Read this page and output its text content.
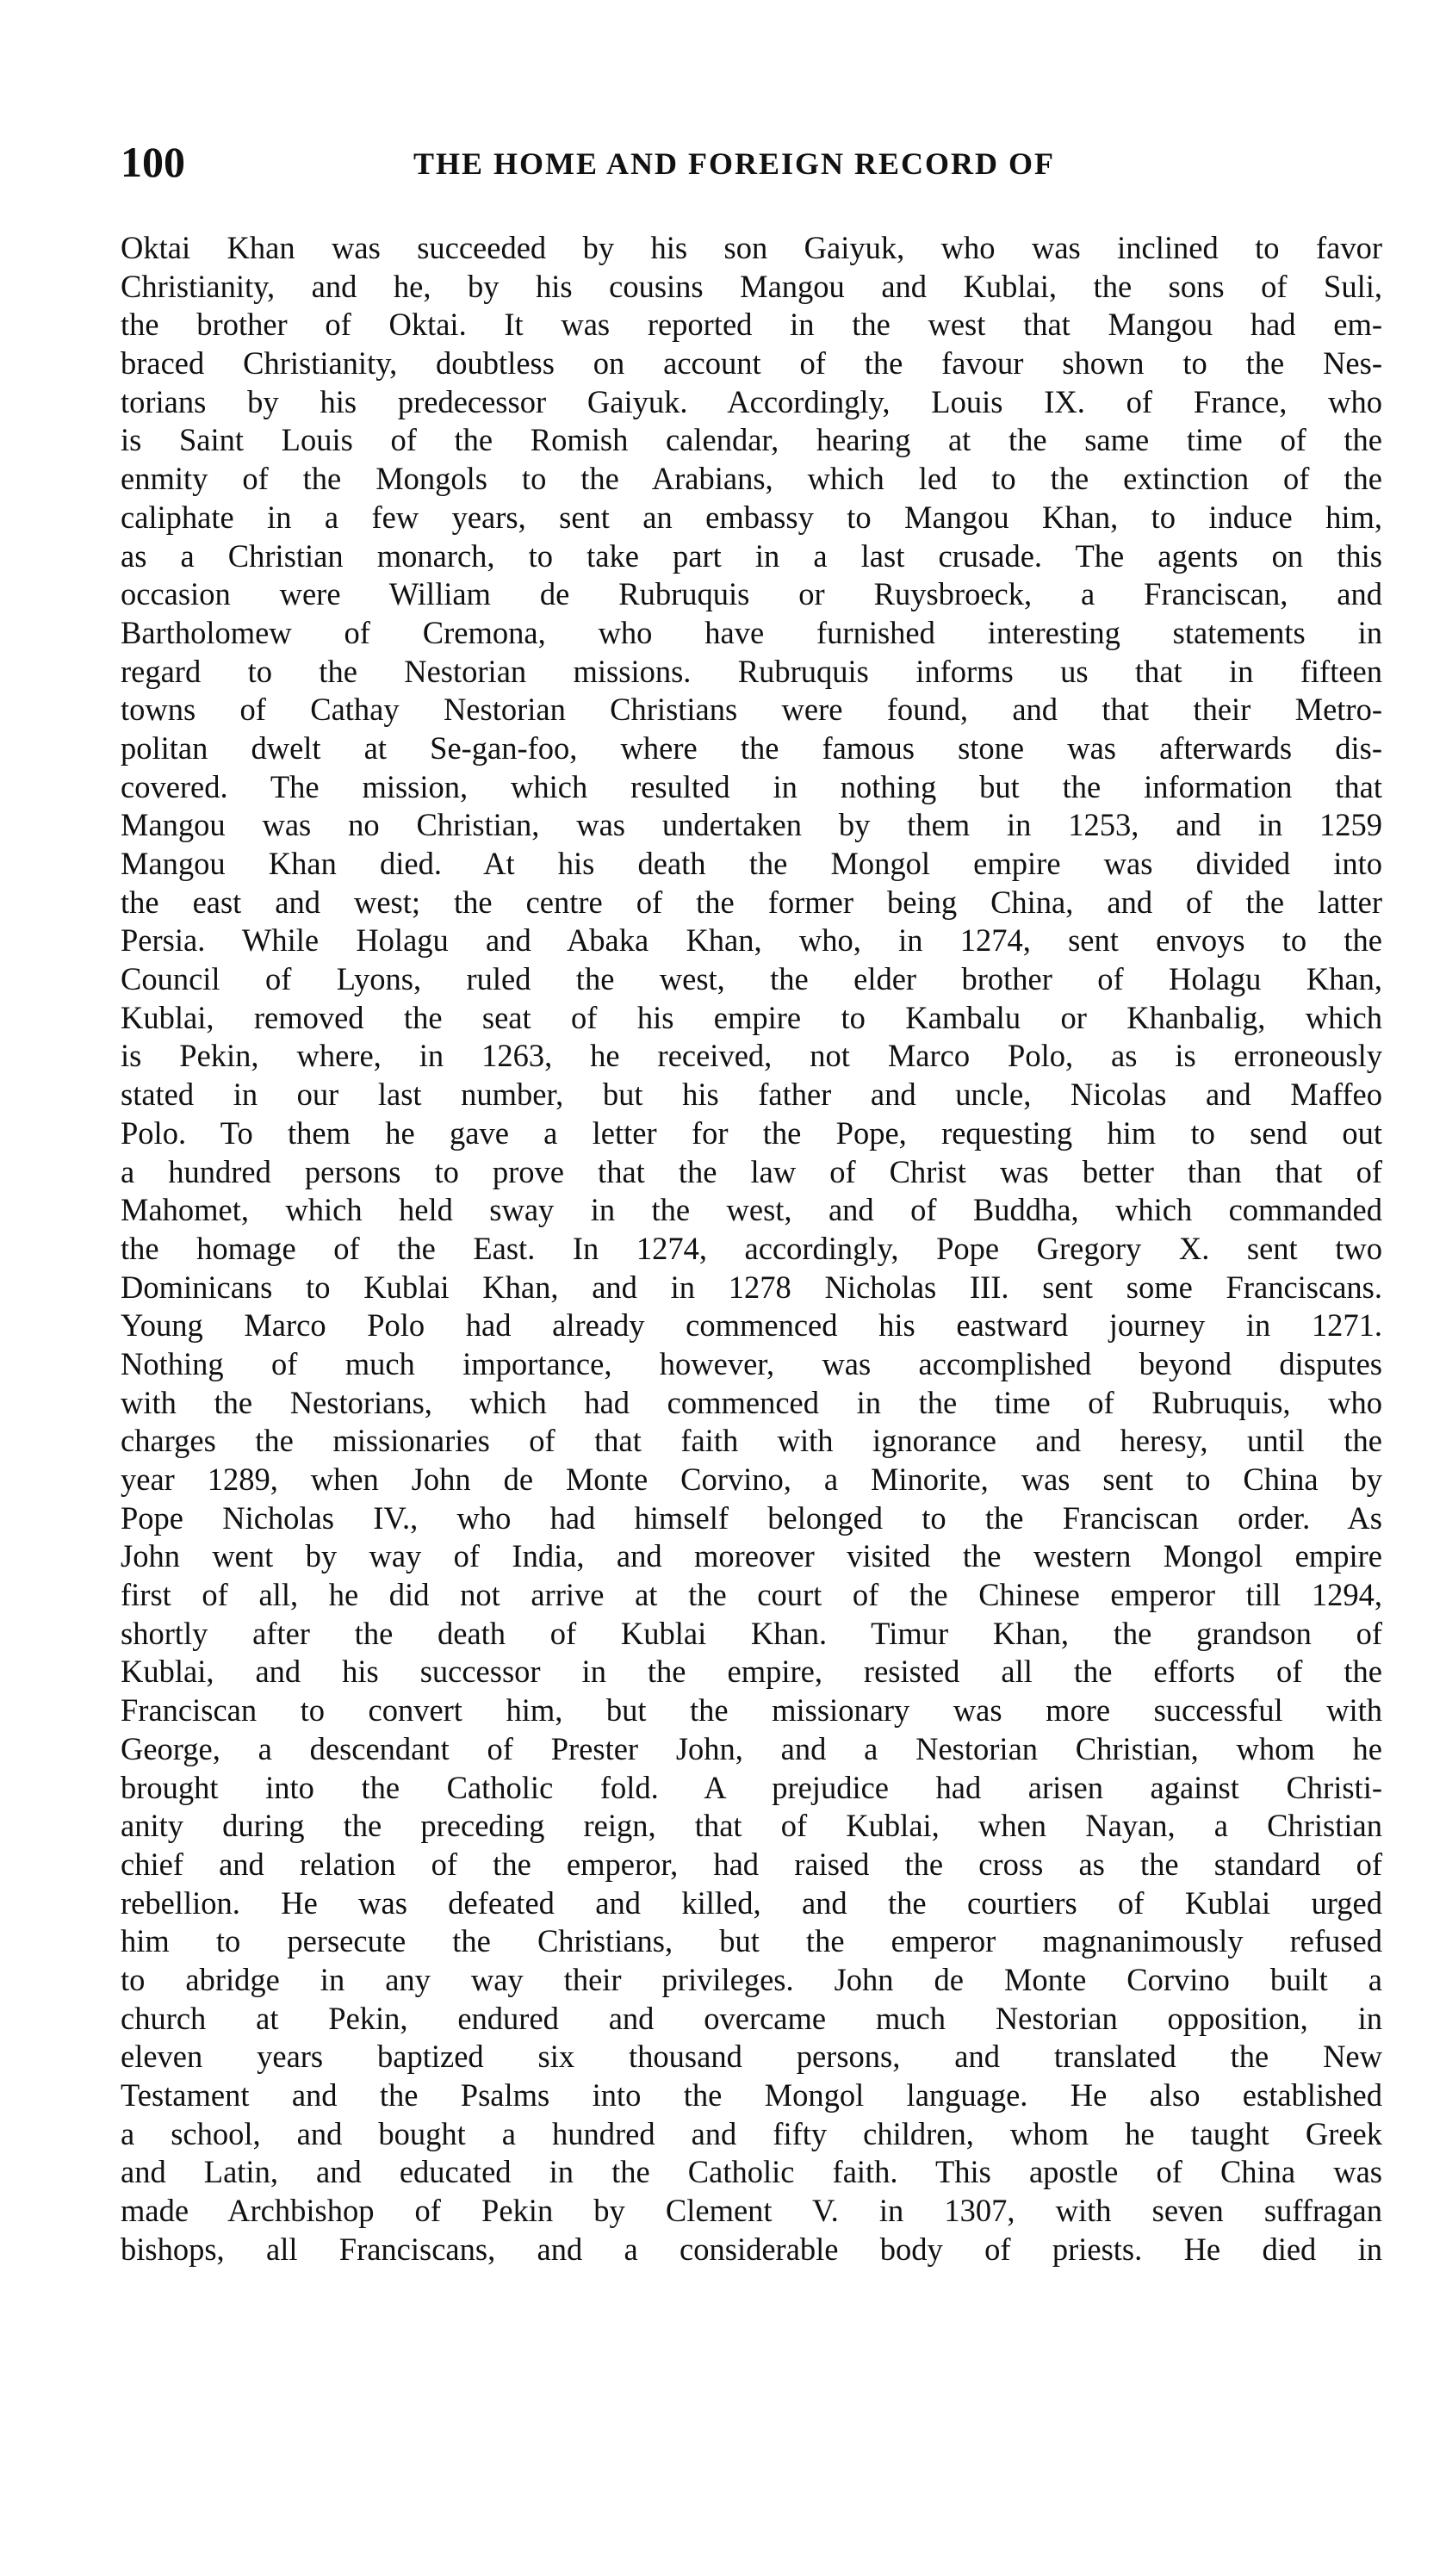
100	THE HOME AND FOREIGN RECORD OF
Oktai Khan was succeeded by his son Gaiyuk, who was inclined to favor
Christianity, and he, by his cousins Mangou and Kublai, the sons of Suli,
the brother of Oktai. It was reported in the west that Mangou had em-
braced Christianity, doubtless on account of the favour shown to the Nes-
torians by his predecessor Gaiyuk. Accordingly, Louis IX. of France, who
is Saint Louis of the Romish calendar, hearing at the same time of the
enmity of the Mongols to the Arabians, which led to the extinction of the
caliphate in a few years, sent an embassy to Mangou Khan, to induce him,
as a Christian monarch, to take part in a last crusade. The agents on this
occasion were William de Rubruquis or Ruysbroeck, a Franciscan, and
Bartholomew of Cremona, who have furnished interesting statements in
regard to the Nestorian missions. Rubruquis informs us that in fifteen
towns of Cathay Nestorian Christians were found, and that their Metro-
politan dwelt at Se-gan-foo, where the famous stone was afterwards dis-
covered. The mission, which resulted in nothing but the information that
Mangou was no Christian, was undertaken by them in 1253, and in 1259
Mangou Khan died. At his death the Mongol empire was divided into
the east and west; the centre of the former being China, and of the latter
Persia. While Holagu and Abaka Khan, who, in 1274, sent envoys to the
Council of Lyons, ruled the west, the elder brother of Holagu Khan,
Kublai, removed the seat of his empire to Kambalu or Khanbalig, which
is Pekin, where, in 1263, he received, not Marco Polo, as is erroneously
stated in our last number, but his father and uncle, Nicolas and Maffeo
Polo. To them he gave a letter for the Pope, requesting him to send out
a hundred persons to prove that the law of Christ was better than that of
Mahomet, which held sway in the west, and of Buddha, which commanded
the homage of the East. In 1274, accordingly, Pope Gregory X. sent two
Dominicans to Kublai Khan, and in 1278 Nicholas III. sent some Franciscans.
Young Marco Polo had already commenced his eastward journey in 1271.
Nothing of much importance, however, was accomplished beyond disputes
with the Nestorians, which had commenced in the time of Rubruquis, who
charges the missionaries of that faith with ignorance and heresy, until the
year 1289, when John de Monte Corvino, a Minorite, was sent to China by
Pope Nicholas IV., who had himself belonged to the Franciscan order. As
John went by way of India, and moreover visited the western Mongol empire
first of all, he did not arrive at the court of the Chinese emperor till 1294,
shortly after the death of Kublai Khan. Timur Khan, the grandson of
Kublai, and his successor in the empire, resisted all the efforts of the
Franciscan to convert him, but the missionary was more successful with
George, a descendant of Prester John, and a Nestorian Christian, whom he
brought into the Catholic fold. A prejudice had arisen against Christi-
anity during the preceding reign, that of Kublai, when Nayan, a Christian
chief and relation of the emperor, had raised the cross as the standard of
rebellion. He was defeated and killed, and the courtiers of Kublai urged
him to persecute the Christians, but the emperor magnanimously refused
to abridge in any way their privileges. John de Monte Corvino built a
church at Pekin, endured and overcame much Nestorian opposition, in
eleven years baptized six thousand persons, and translated the New
Testament and the Psalms into the Mongol language. He also established
a school, and bought a hundred and fifty children, whom he taught Greek
and Latin, and educated in the Catholic faith. This apostle of China was
made Archbishop of Pekin by Clement V. in 1307, with seven suffragan
bishops, all Franciscans, and a considerable body of priests. He died in
